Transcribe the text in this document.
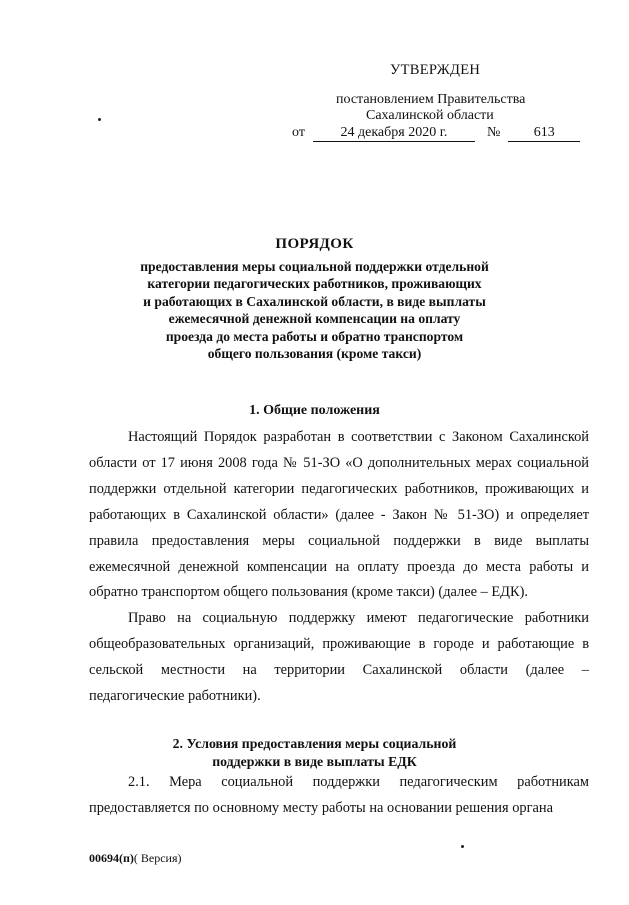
УТВЕРЖДЕН
постановлением Правительства
Сахалинской области
от	24 декабря 2020 г.	№ 613
ПОРЯДОК
предоставления меры социальной поддержки отдельной
категории педагогических работников, проживающих
и работающих в Сахалинской области, в виде выплаты
ежемесячной денежной компенсации на оплату
проезда до места работы и обратно транспортом
общего пользования (кроме такси)
1. Общие положения

Настоящий Порядок разработан в соответствии с Законом Сахалинской области от 17 июня 2008 года № 51-ЗО «О дополнительных мерах социальной поддержки отдельной категории педагогических работников, проживающих и работающих в Сахалинской области» (далее - Закон № 51-ЗО) и определяет правила предоставления меры социальной поддержки в виде выплаты ежемесячной денежной компенсации на оплату проезда до места работы и обратно транспортом общего пользования (кроме такси) (далее – ЕДК).

Право на социальную поддержку имеют педагогические работники общеобразовательных организаций, проживающие в городе и работающие в сельской местности на территории Сахалинской области (далее – педагогические работники).

2. Условия предоставления меры социальной
поддержки в виде выплаты ЕДК

2.1. Мера социальной поддержки педагогическим работникам предоставляется по основному месту работы на основании решения органа

00694(п)( Версия)
